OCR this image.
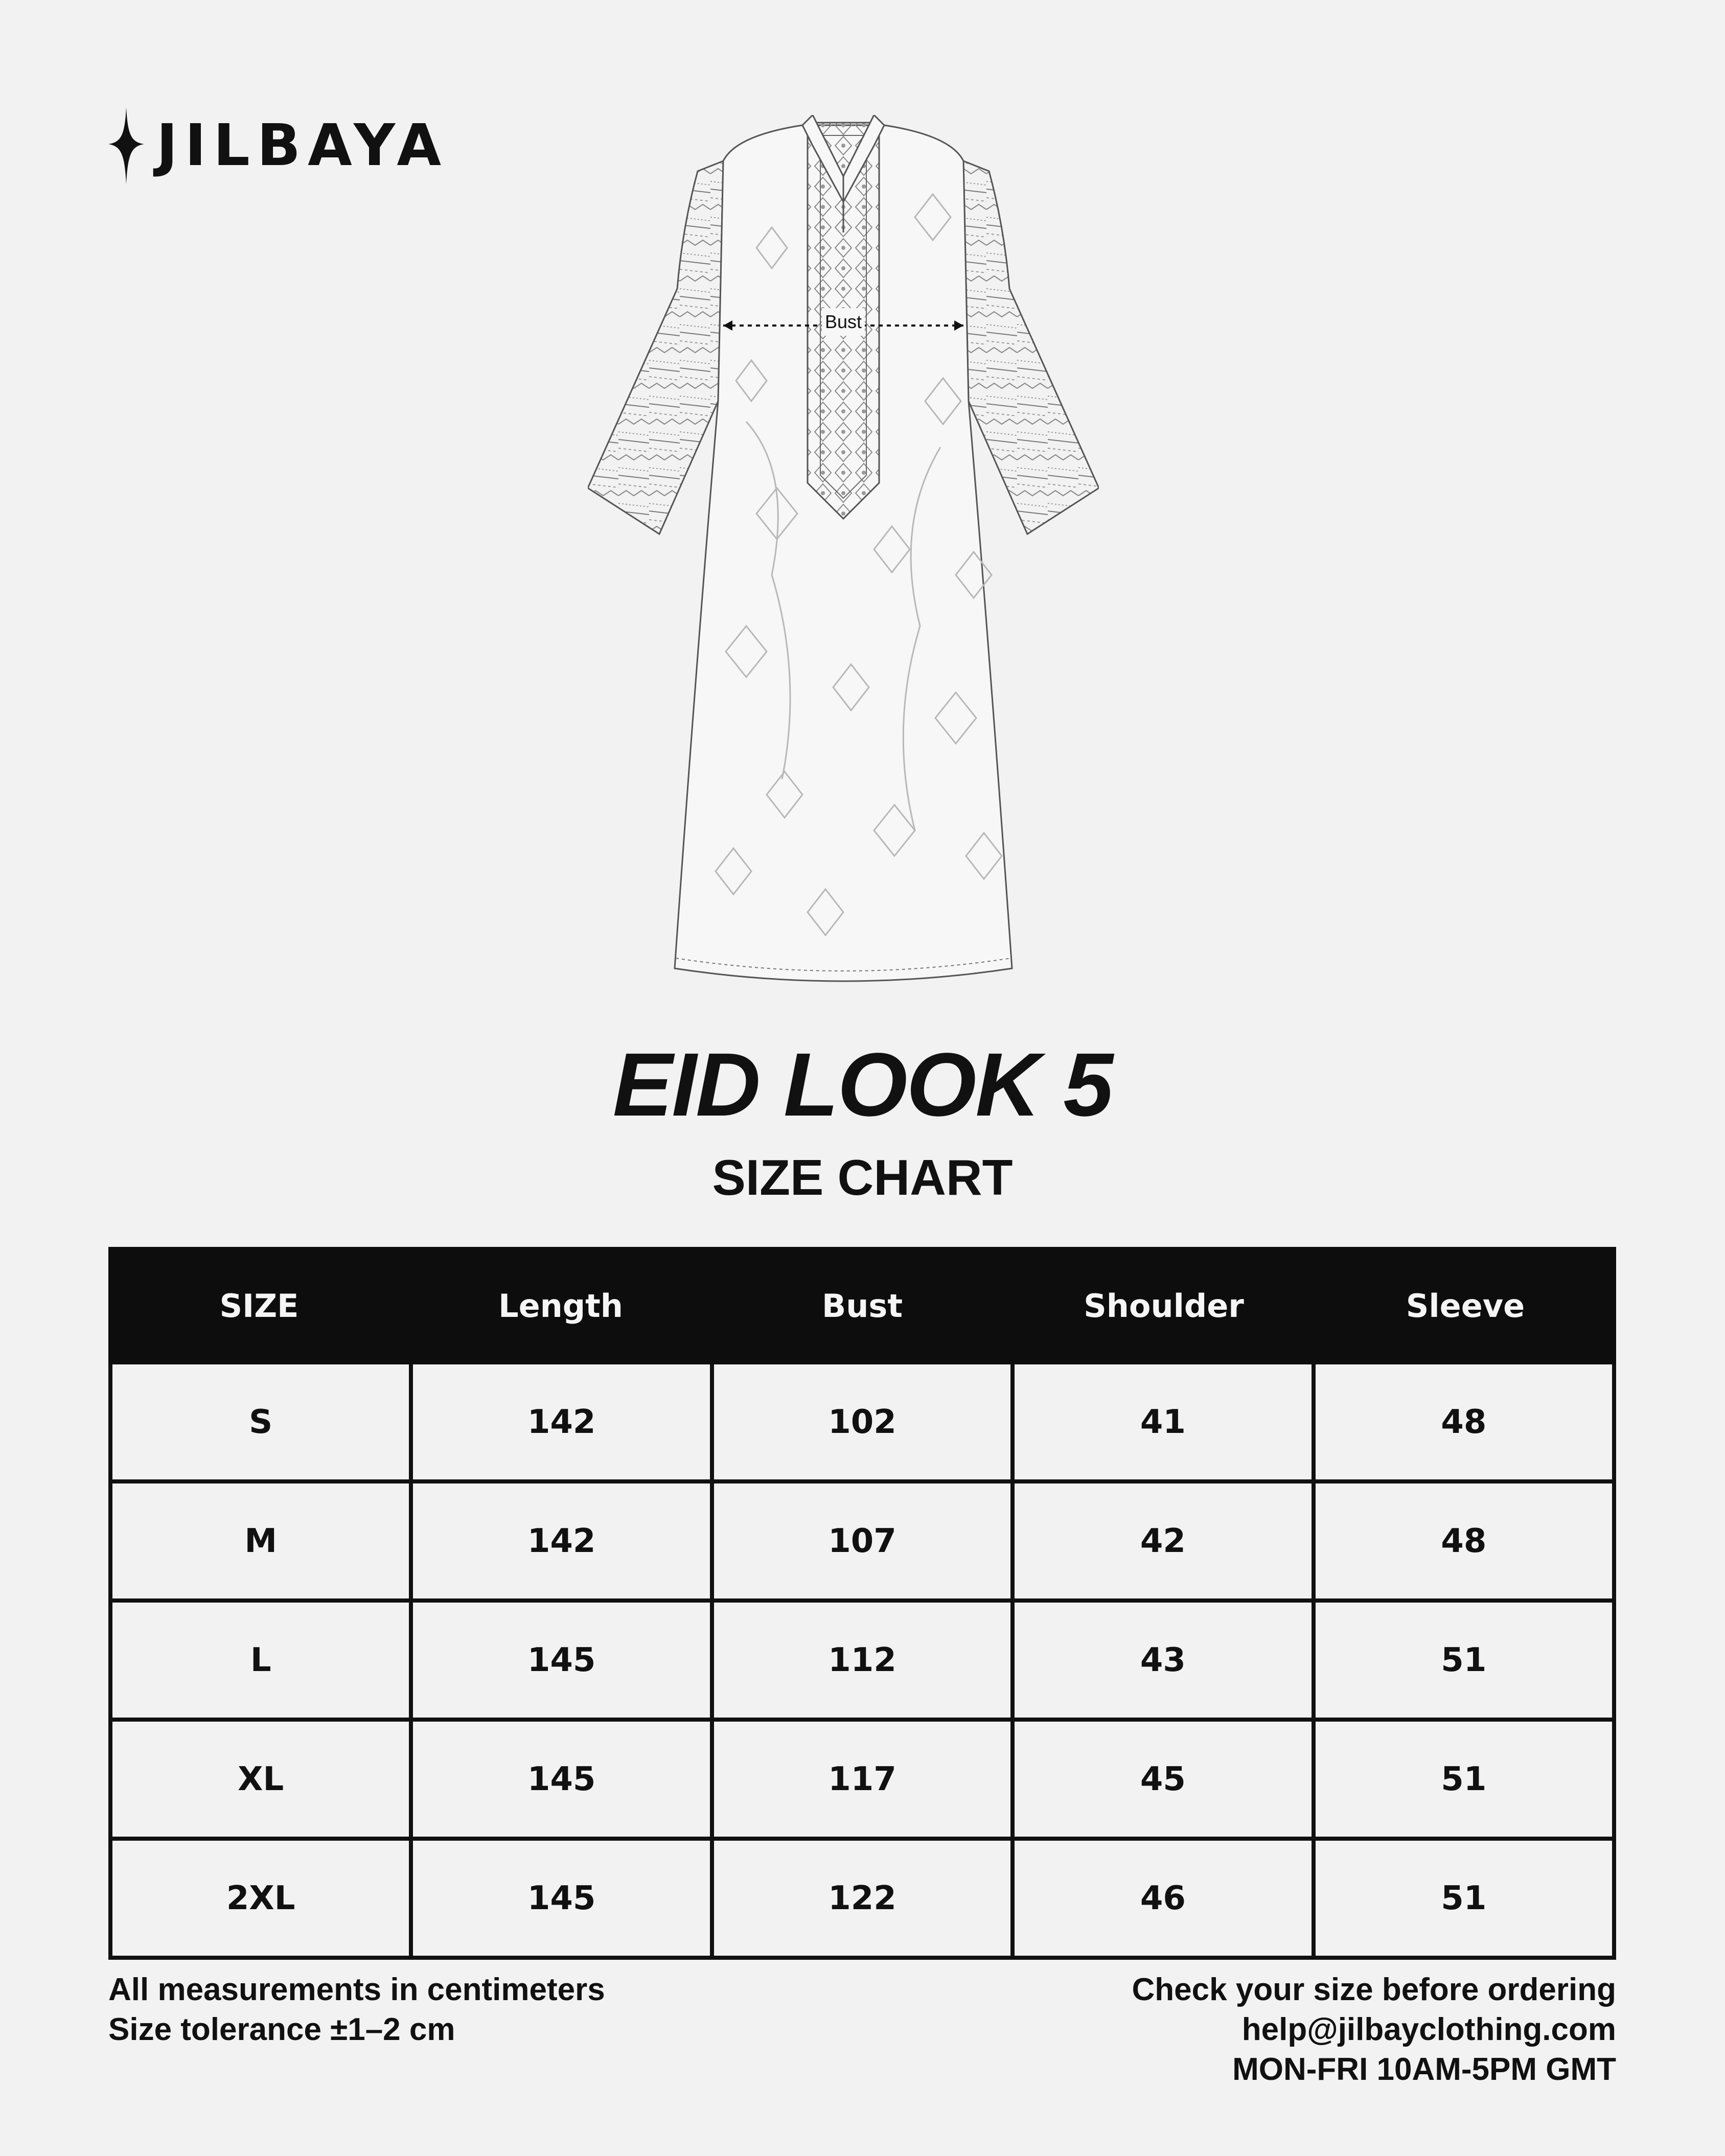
JILBAYA
Bust
EID LOOK 5
SIZE CHART
SIZE	Length	Bust	Shoulder	Sleeve
S	142	102	41	48
M	142	107	42	48
L	145	112	43	51
XL	145	117	45	51
2XL	145	122	46	51
All measurements in centimeters
Size tolerance ±1–2 cm
Check your size before ordering
help@jilbayclothing.com
MON-FRI 10AM-5PM GMT
